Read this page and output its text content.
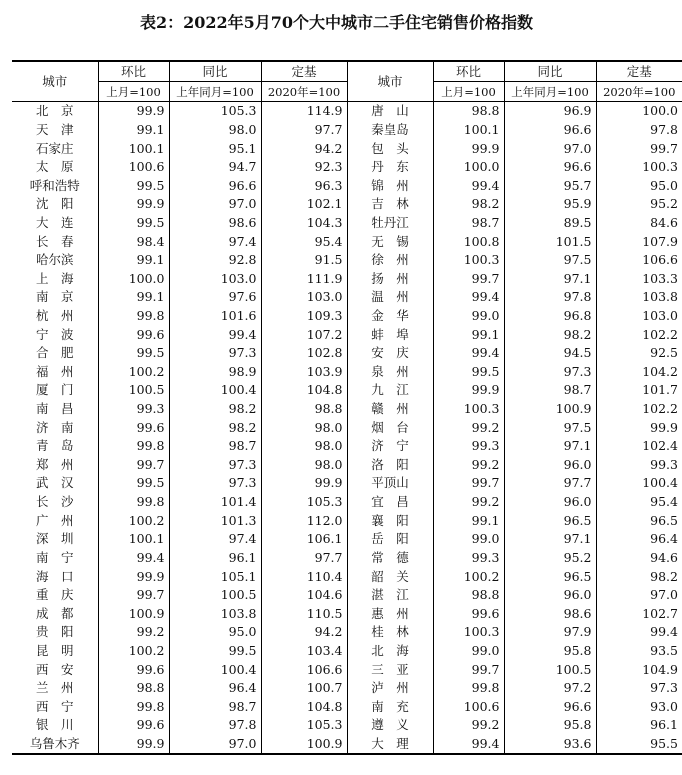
表2：2022年5月70个大中城市二手住宅销售价格指数
城市	环比	同比	定基	城市	环比	同比	定基
	上月=100	上年同月=100	2020年=100		上月=100	上年同月=100	2020年=100
北　京	99.9	105.3	114.9	唐　山	98.8	96.9	100.0
天　津	99.1	98.0	97.7	秦皇岛	100.1	96.6	97.8
石家庄	100.1	95.1	94.2	包　头	99.9	97.0	99.7
太　原	100.6	94.7	92.3	丹　东	100.0	96.6	100.3
呼和浩特	99.5	96.6	96.3	锦　州	99.4	95.7	95.0
沈　阳	99.9	97.0	102.1	吉　林	98.2	95.9	95.2
大　连	99.5	98.6	104.3	牡丹江	98.7	89.5	84.6
长　春	98.4	97.4	95.4	无　锡	100.8	101.5	107.9
哈尔滨	99.1	92.8	91.5	徐　州	100.3	97.5	106.6
上　海	100.0	103.0	111.9	扬　州	99.7	97.1	103.3
南　京	99.1	97.6	103.0	温　州	99.4	97.8	103.8
杭　州	99.8	101.6	109.3	金　华	99.0	96.8	103.0
宁　波	99.6	99.4	107.2	蚌　埠	99.1	98.2	102.2
合　肥	99.5	97.3	102.8	安　庆	99.4	94.5	92.5
福　州	100.2	98.9	103.9	泉　州	99.5	97.3	104.2
厦　门	100.5	100.4	104.8	九　江	99.9	98.7	101.7
南　昌	99.3	98.2	98.8	赣　州	100.3	100.9	102.2
济　南	99.6	98.2	98.0	烟　台	99.2	97.5	99.9
青　岛	99.8	98.7	98.0	济　宁	99.3	97.1	102.4
郑　州	99.7	97.3	98.0	洛　阳	99.2	96.0	99.3
武　汉	99.5	97.3	99.9	平顶山	99.7	97.7	100.4
长　沙	99.8	101.4	105.3	宜　昌	99.2	96.0	95.4
广　州	100.2	101.3	112.0	襄　阳	99.1	96.5	96.5
深　圳	100.1	97.4	106.1	岳　阳	99.0	97.1	96.4
南　宁	99.4	96.1	97.7	常　德	99.3	95.2	94.6
海　口	99.9	105.1	110.4	韶　关	100.2	96.5	98.2
重　庆	99.7	100.5	104.6	湛　江	98.8	96.0	97.0
成　都	100.9	103.8	110.5	惠　州	99.6	98.6	102.7
贵　阳	99.2	95.0	94.2	桂　林	100.3	97.9	99.4
昆　明	100.2	99.5	103.4	北　海	99.0	95.8	93.5
西　安	99.6	100.4	106.6	三　亚	99.7	100.5	104.9
兰　州	98.8	96.4	100.7	泸　州	99.8	97.2	97.3
西　宁	99.8	98.7	104.8	南　充	100.6	96.6	93.0
银　川	99.6	97.8	105.3	遵　义	99.2	95.8	96.1
乌鲁木齐	99.9	97.0	100.9	大　理	99.4	93.6	95.5
